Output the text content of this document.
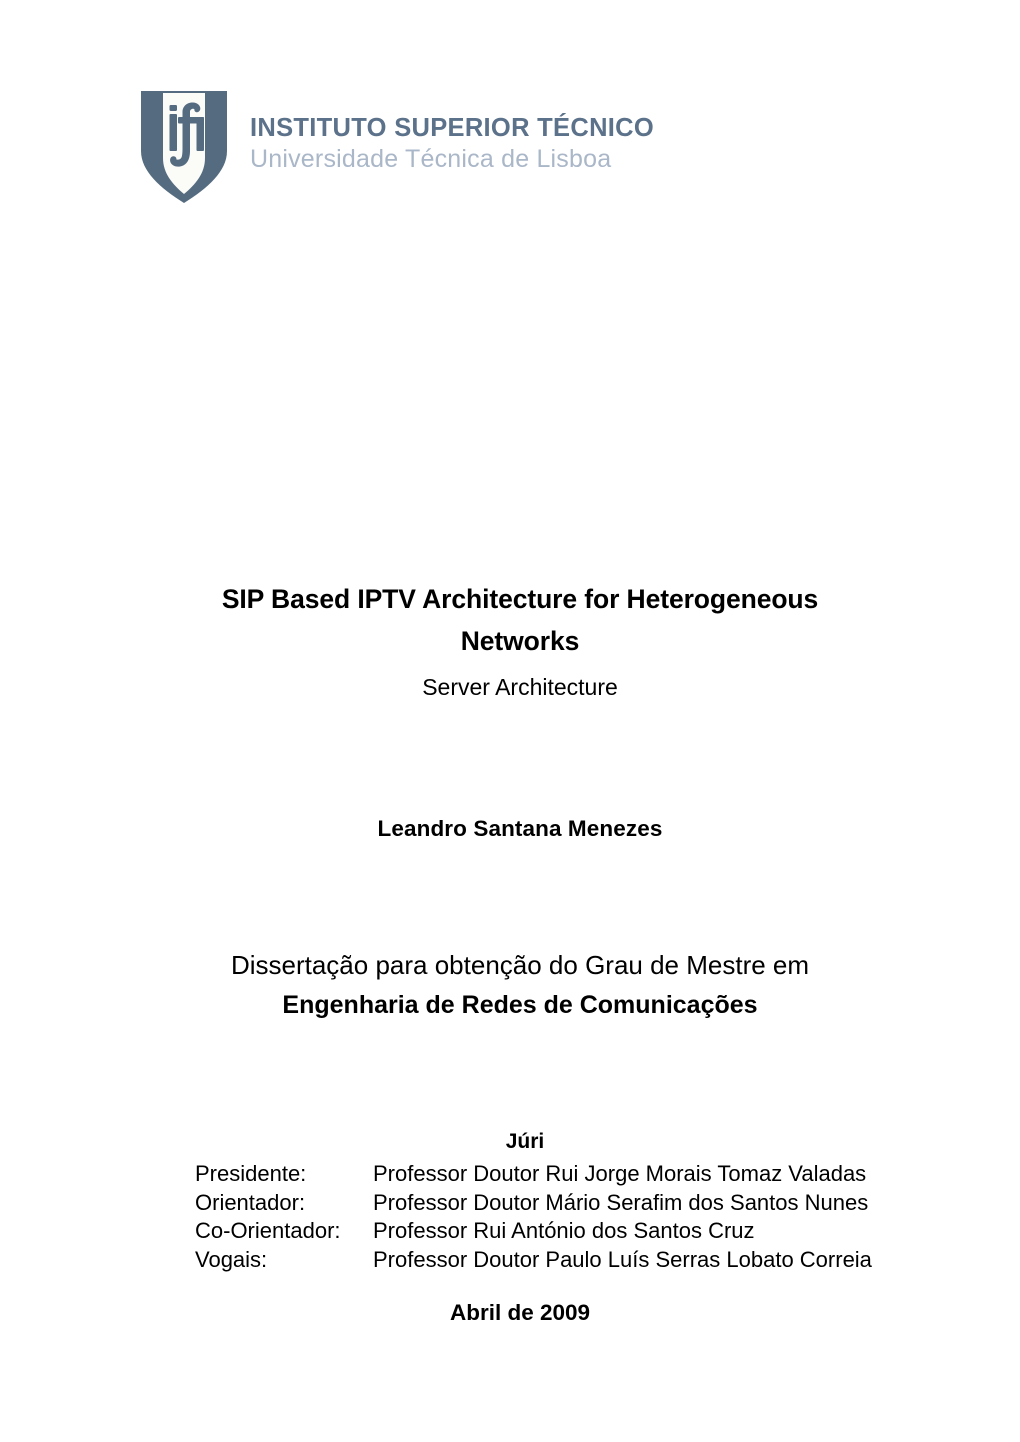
INSTITUTO SUPERIOR TÉCNICO
Universidade Técnica de Lisboa
SIP Based IPTV Architecture for Heterogeneous Networks
Server Architecture
Leandro Santana Menezes
Dissertação para obtenção do Grau de Mestre em
Engenharia de Redes de Comunicações
Júri
Presidente:	Professor Doutor Rui Jorge Morais Tomaz Valadas
Orientador:	Professor Doutor Mário Serafim dos Santos Nunes
Co-Orientador:	Professor Rui António dos Santos Cruz
Vogais:	Professor Doutor Paulo Luís Serras Lobato Correia
Abril de 2009
